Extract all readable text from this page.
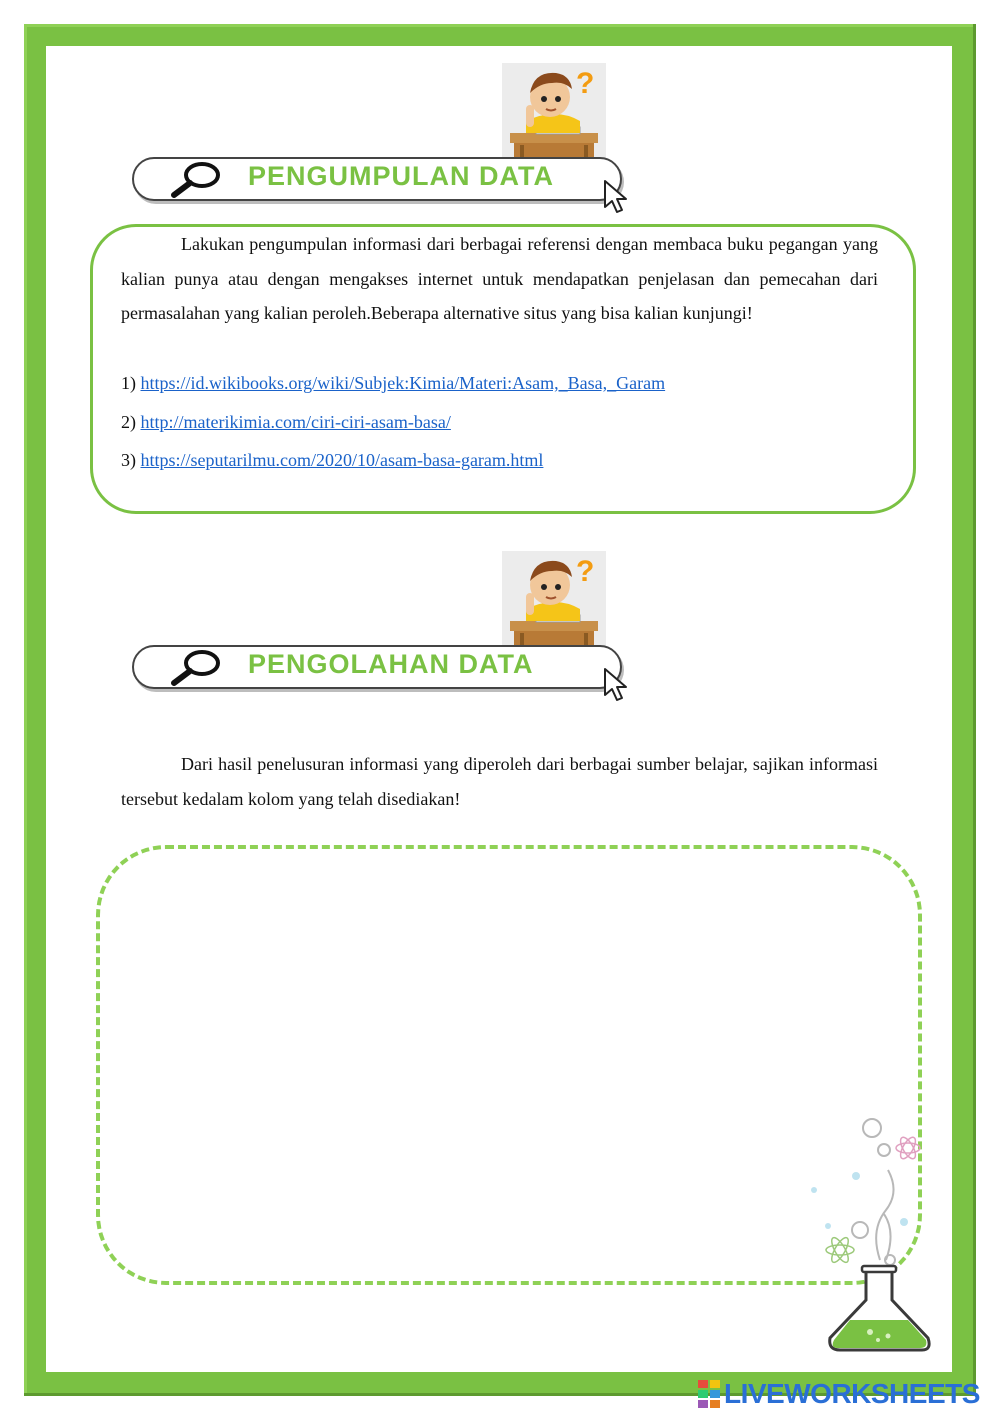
?
PENGUMPULAN DATA

Lakukan pengumpulan informasi dari berbagai referensi dengan membaca buku pegangan yang kalian punya atau dengan mengakses internet untuk mendapatkan penjelasan dan pemecahan dari permasalahan yang kalian peroleh.Beberapa alternative situs yang bisa kalian kunjungi!

1) https://id.wikibooks.org/wiki/Subjek:Kimia/Materi:Asam,_Basa,_Garam
2) http://materikimia.com/ciri-ciri-asam-basa/
3) https://seputarilmu.com/2020/10/asam-basa-garam.html
?
PENGOLAHAN DATA

Dari hasil penelusuran informasi yang diperoleh dari berbagai sumber belajar, sajikan informasi tersebut kedalam kolom yang telah disediakan!

LIVEWORKSHEETS
